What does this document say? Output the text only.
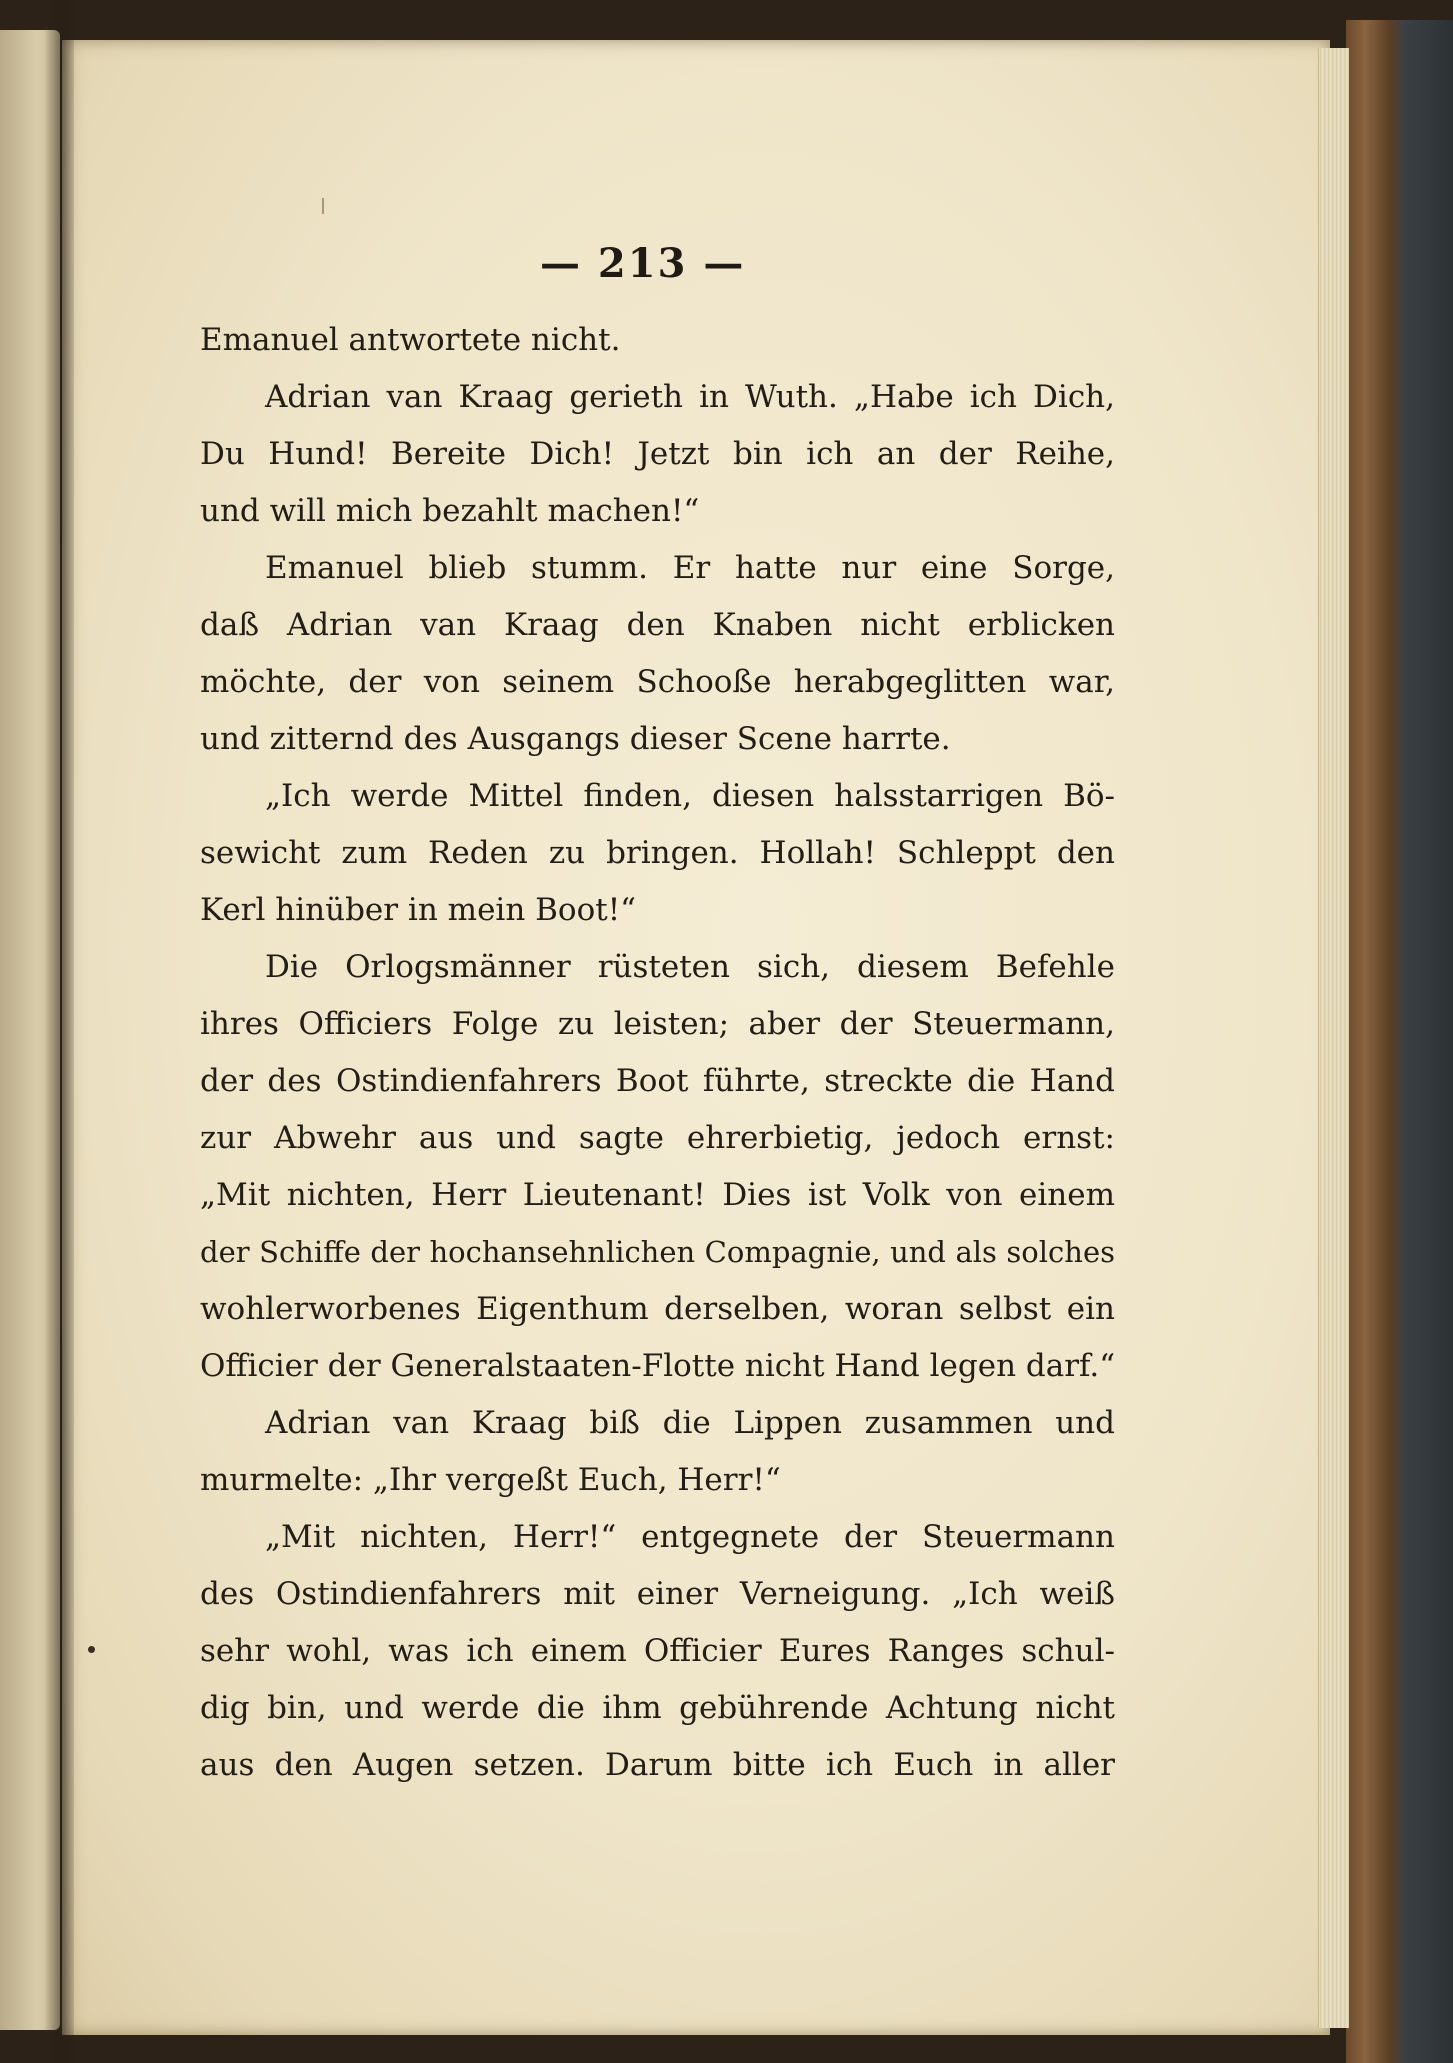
— 213 —
Emanuel antwortete nicht.
Adrian van Kraag gerieth in Wuth. „Habe ich Dich,
Du Hund! Bereite Dich! Jetzt bin ich an der Reihe,
und will mich bezahlt machen!“
Emanuel blieb stumm. Er hatte nur eine Sorge,
daß Adrian van Kraag den Knaben nicht erblicken
möchte, der von seinem Schooße herabgeglitten war,
und zitternd des Ausgangs dieser Scene harrte.
„Ich werde Mittel finden, diesen halsstarrigen Bö-
sewicht zum Reden zu bringen. Hollah! Schleppt den
Kerl hinüber in mein Boot!“
Die Orlogsmänner rüsteten sich, diesem Befehle
ihres Officiers Folge zu leisten; aber der Steuermann,
der des Ostindienfahrers Boot führte, streckte die Hand
zur Abwehr aus und sagte ehrerbietig, jedoch ernst:
„Mit nichten, Herr Lieutenant! Dies ist Volk von einem
der Schiffe der hochansehnlichen Compagnie, und als solches
wohlerworbenes Eigenthum derselben, woran selbst ein
Officier der Generalstaaten-Flotte nicht Hand legen darf.“
Adrian van Kraag biß die Lippen zusammen und
murmelte: „Ihr vergeßt Euch, Herr!“
„Mit nichten, Herr!“ entgegnete der Steuermann
des Ostindienfahrers mit einer Verneigung. „Ich weiß
sehr wohl, was ich einem Officier Eures Ranges schul-
dig bin, und werde die ihm gebührende Achtung nicht
aus den Augen setzen. Darum bitte ich Euch in aller
